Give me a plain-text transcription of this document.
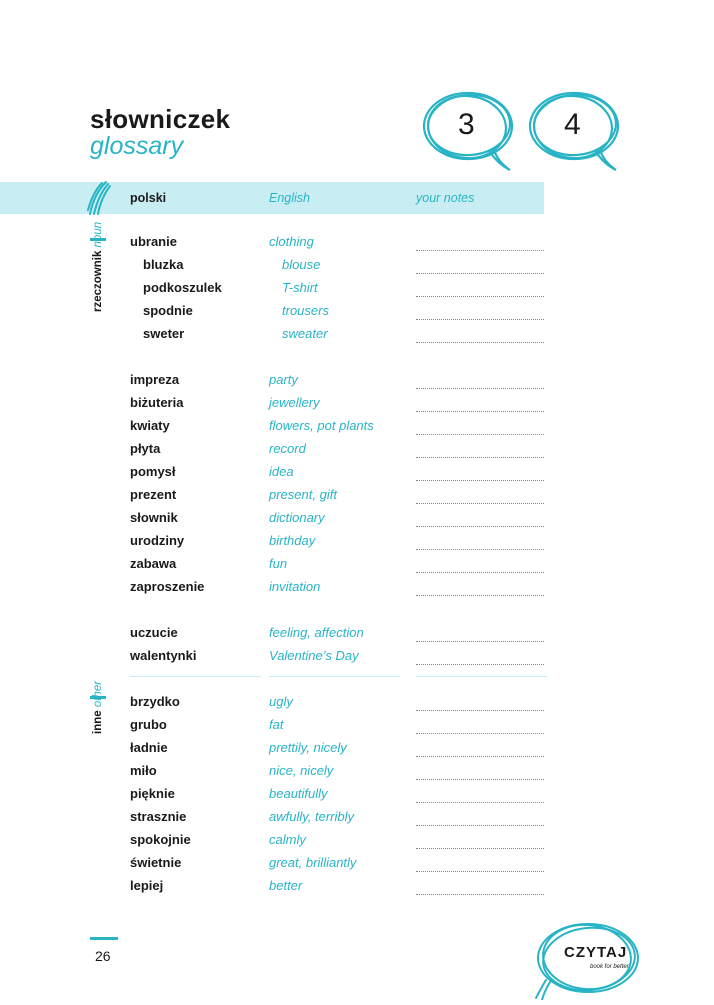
słowniczek
glossary
3	4
polski	English	your notes
rzeczownik noun
inne other
ubranie	clothing
bluzka	blouse
podkoszulek	T-shirt
spodnie	trousers
sweter	sweater
impreza	party
biżuteria	jewellery
kwiaty	flowers, pot plants
płyta	record
pomysł	idea
prezent	present, gift
słownik	dictionary
urodziny	birthday
zabawa	fun
zaproszenie	invitation
uczucie	feeling, affection
walentynki	Valentine’s Day
brzydko	ugly
grubo	fat
ładnie	prettily, nicely
miło	nice, nicely
pięknie	beautifully
strasznie	awfully, terribly
spokojnie	calmly
świetnie	great, brilliantly
lepiej	better
26	CZYTAJ
book for better
